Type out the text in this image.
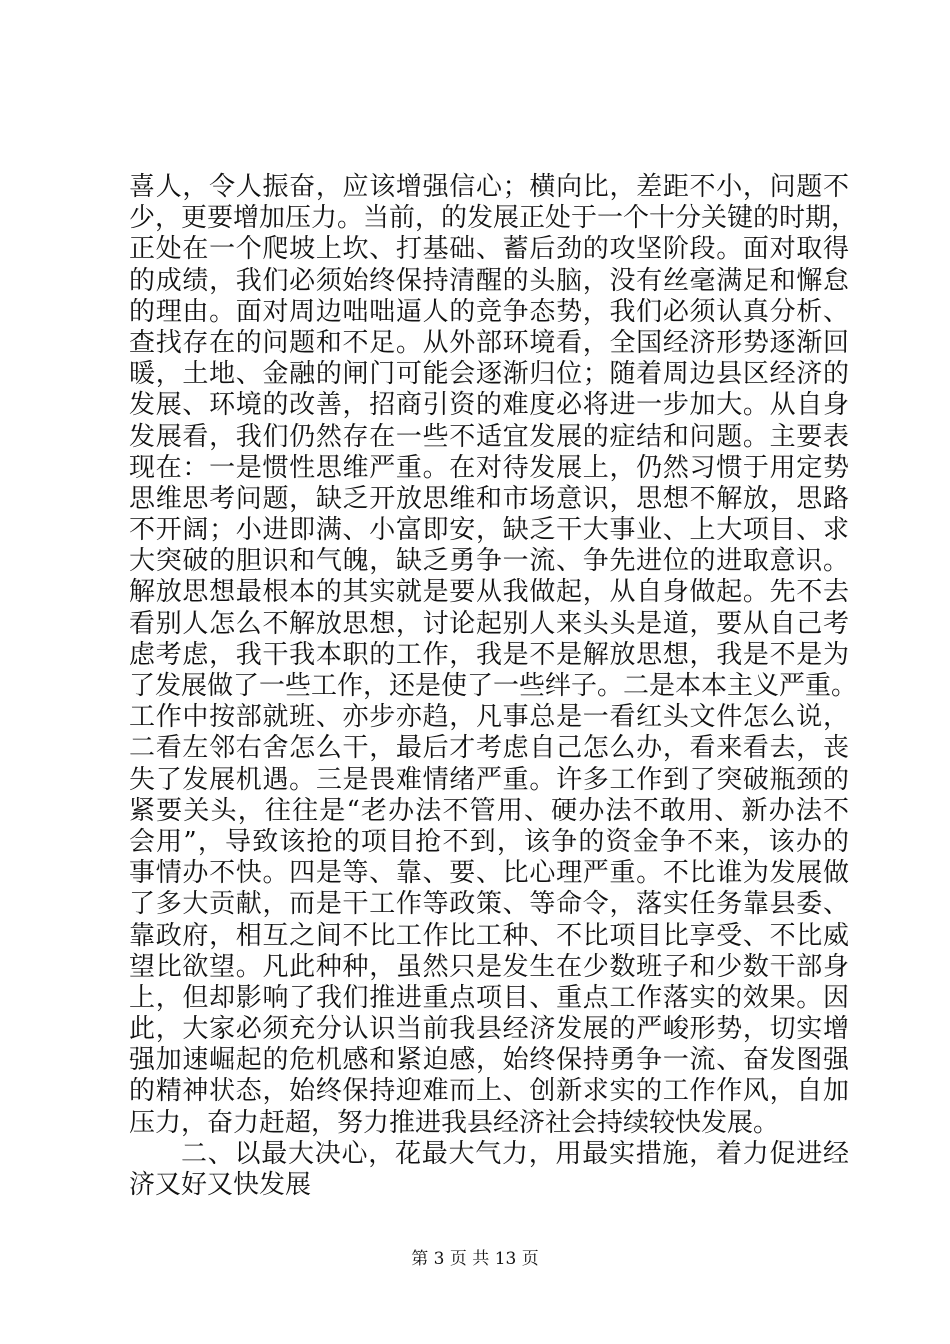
喜人，令人振奋，应该增强信心；横向比，差距不小，问题不
少，更要增加压力。当前，的发展正处于一个十分关键的时期，
正处在一个爬坡上坎、打基础、蓄后劲的攻坚阶段。面对取得
的成绩，我们必须始终保持清醒的头脑，没有丝毫满足和懈怠
的理由。面对周边咄咄逼人的竞争态势，我们必须认真分析、
查找存在的问题和不足。从外部环境看，全国经济形势逐渐回
暖，土地、金融的闸门可能会逐渐归位；随着周边县区经济的
发展、环境的改善，招商引资的难度必将进一步加大。从自身
发展看，我们仍然存在一些不适宜发展的症结和问题。主要表
现在：一是惯性思维严重。在对待发展上，仍然习惯于用定势
思维思考问题，缺乏开放思维和市场意识，思想不解放，思路
不开阔；小进即满、小富即安，缺乏干大事业、上大项目、求
大突破的胆识和气魄，缺乏勇争一流、争先进位的进取意识。
解放思想最根本的其实就是要从我做起，从自身做起。先不去
看别人怎么不解放思想，讨论起别人来头头是道，要从自己考
虑考虑，我干我本职的工作，我是不是解放思想，我是不是为
了发展做了一些工作，还是使了一些绊子。二是本本主义严重。
工作中按部就班、亦步亦趋，凡事总是一看红头文件怎么说，
二看左邻右舍怎么干，最后才考虑自己怎么办，看来看去，丧
失了发展机遇。三是畏难情绪严重。许多工作到了突破瓶颈的
紧要关头，往往是“老办法不管用、硬办法不敢用、新办法不
会用”，导致该抢的项目抢不到，该争的资金争不来，该办的
事情办不快。四是等、靠、要、比心理严重。不比谁为发展做
了多大贡献，而是干工作等政策、等命令，落实任务靠县委、
靠政府，相互之间不比工作比工种、不比项目比享受、不比威
望比欲望。凡此种种，虽然只是发生在少数班子和少数干部身
上，但却影响了我们推进重点项目、重点工作落实的效果。因
此，大家必须充分认识当前我县经济发展的严峻形势，切实增
强加速崛起的危机感和紧迫感，始终保持勇争一流、奋发图强
的精神状态，始终保持迎难而上、创新求实的工作作风，自加
压力，奋力赶超，努力推进我县经济社会持续较快发展。
二、以最大决心，花最大气力，用最实措施，着力促进经
济又好又快发展
第 3 页 共 13 页
